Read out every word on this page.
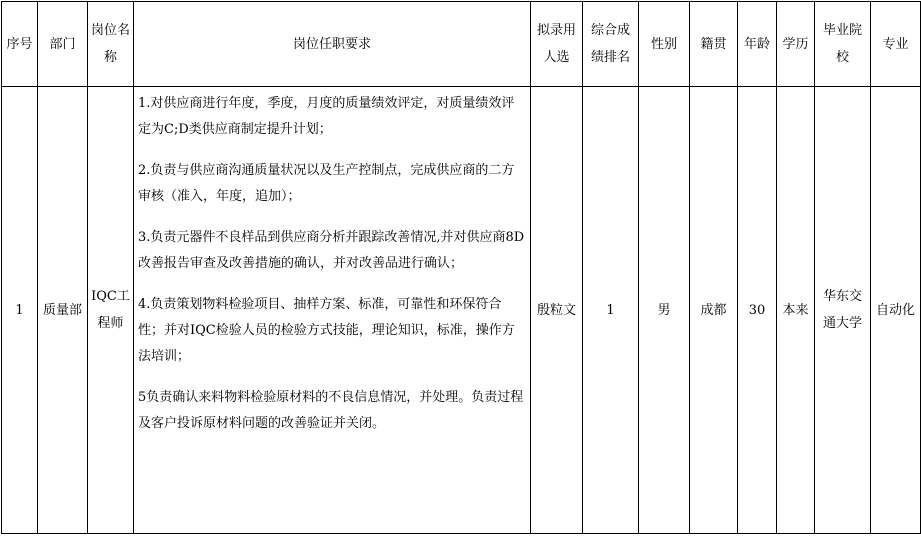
序号	部门	岗位名称	岗位任职要求	拟录用人选	综合成绩排名	性别	籍贯	年龄	学历	毕业院校	专业
1	质量部	IQC工程师	1.对供应商进行年度，季度，月度的质量绩效评定，对质量绩效评定为C;D类供应商制定提升计划；

2.负责与供应商沟通质量状况以及生产控制点，完成供应商的二方审核（准入，年度，追加）；

3.负责元器件不良样品到供应商分析并跟踪改善情况,并对供应商8D改善报告审查及改善措施的确认，并对改善品进行确认；

4.负责策划物料检验项目、抽样方案、标准，可靠性和环保符合性；并对IQC检验人员的检验方式技能，理论知识，标准，操作方法培训；

5负责确认来料物料检验原材料的不良信息情况，并处理。负责过程及客户投诉原材料问题的改善验证并关闭。	殷粒文	1	男	成都	30	本来	华东交通大学	自动化
